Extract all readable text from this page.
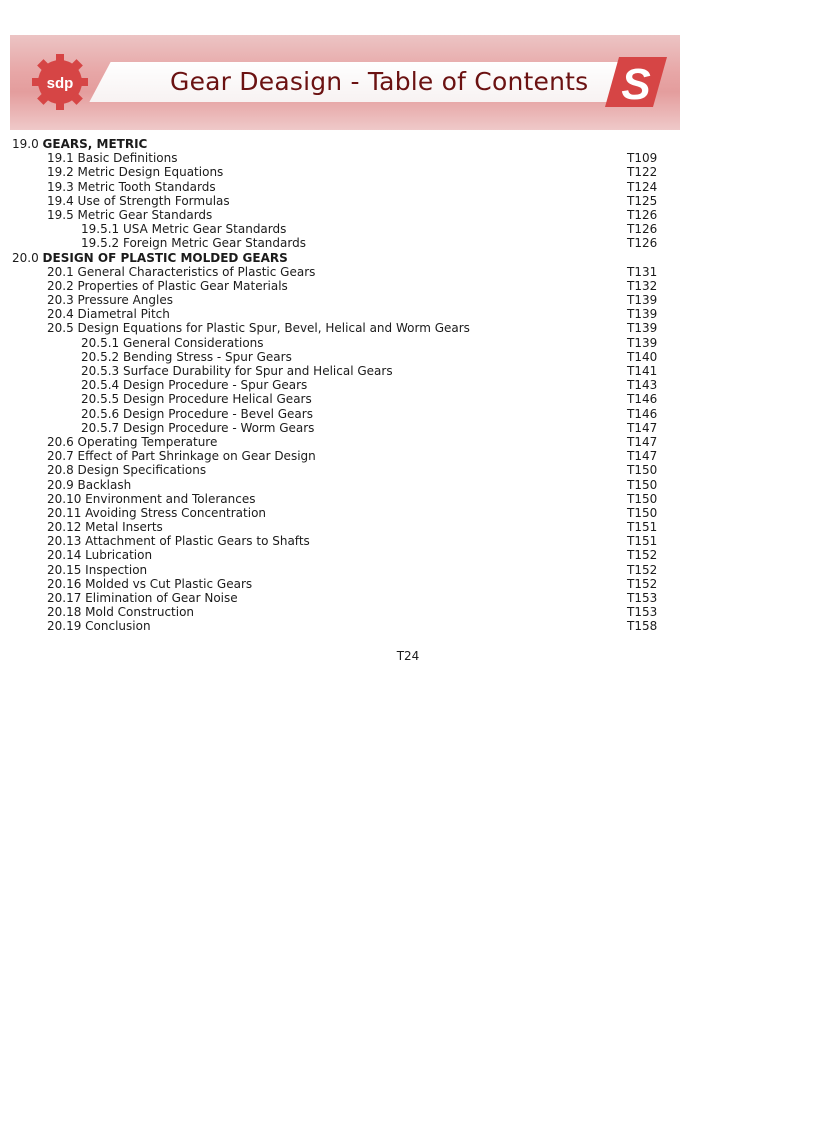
sdp	Gear Deasign - Table of Contents S
19.0 GEARS, METRIC
19.1 Basic Definitions	T109
19.2 Metric Design Equations	T122
19.3 Metric Tooth Standards	T124
19.4 Use of Strength Formulas	T125
19.5 Metric Gear Standards	T126
19.5.1 USA Metric Gear Standards	T126
19.5.2 Foreign Metric Gear Standards	T126
20.0 DESIGN OF PLASTIC MOLDED GEARS
20.1 General Characteristics of Plastic Gears	T131
20.2 Properties of Plastic Gear Materials	T132
20.3 Pressure Angles	T139
20.4 Diametral Pitch	T139
20.5 Design Equations for Plastic Spur, Bevel, Helical and Worm Gears	T139
20.5.1 General Considerations	T139
20.5.2 Bending Stress - Spur Gears	T140
20.5.3 Surface Durability for Spur and Helical Gears	T141
20.5.4 Design Procedure - Spur Gears	T143
20.5.5 Design Procedure Helical Gears	T146
20.5.6 Design Procedure - Bevel Gears	T146
20.5.7 Design Procedure - Worm Gears	T147
20.6 Operating Temperature	T147
20.7 Effect of Part Shrinkage on Gear Design	T147
20.8 Design Specifications	T150
20.9 Backlash	T150
20.10 Environment and Tolerances	T150
20.11 Avoiding Stress Concentration	T150
20.12 Metal Inserts	T151
20.13 Attachment of Plastic Gears to Shafts	T151
20.14 Lubrication	T152
20.15 Inspection	T152
20.16 Molded vs Cut Plastic Gears	T152
20.17 Elimination of Gear Noise	T153
20.18 Mold Construction	T153
20.19 Conclusion	T158
T24
